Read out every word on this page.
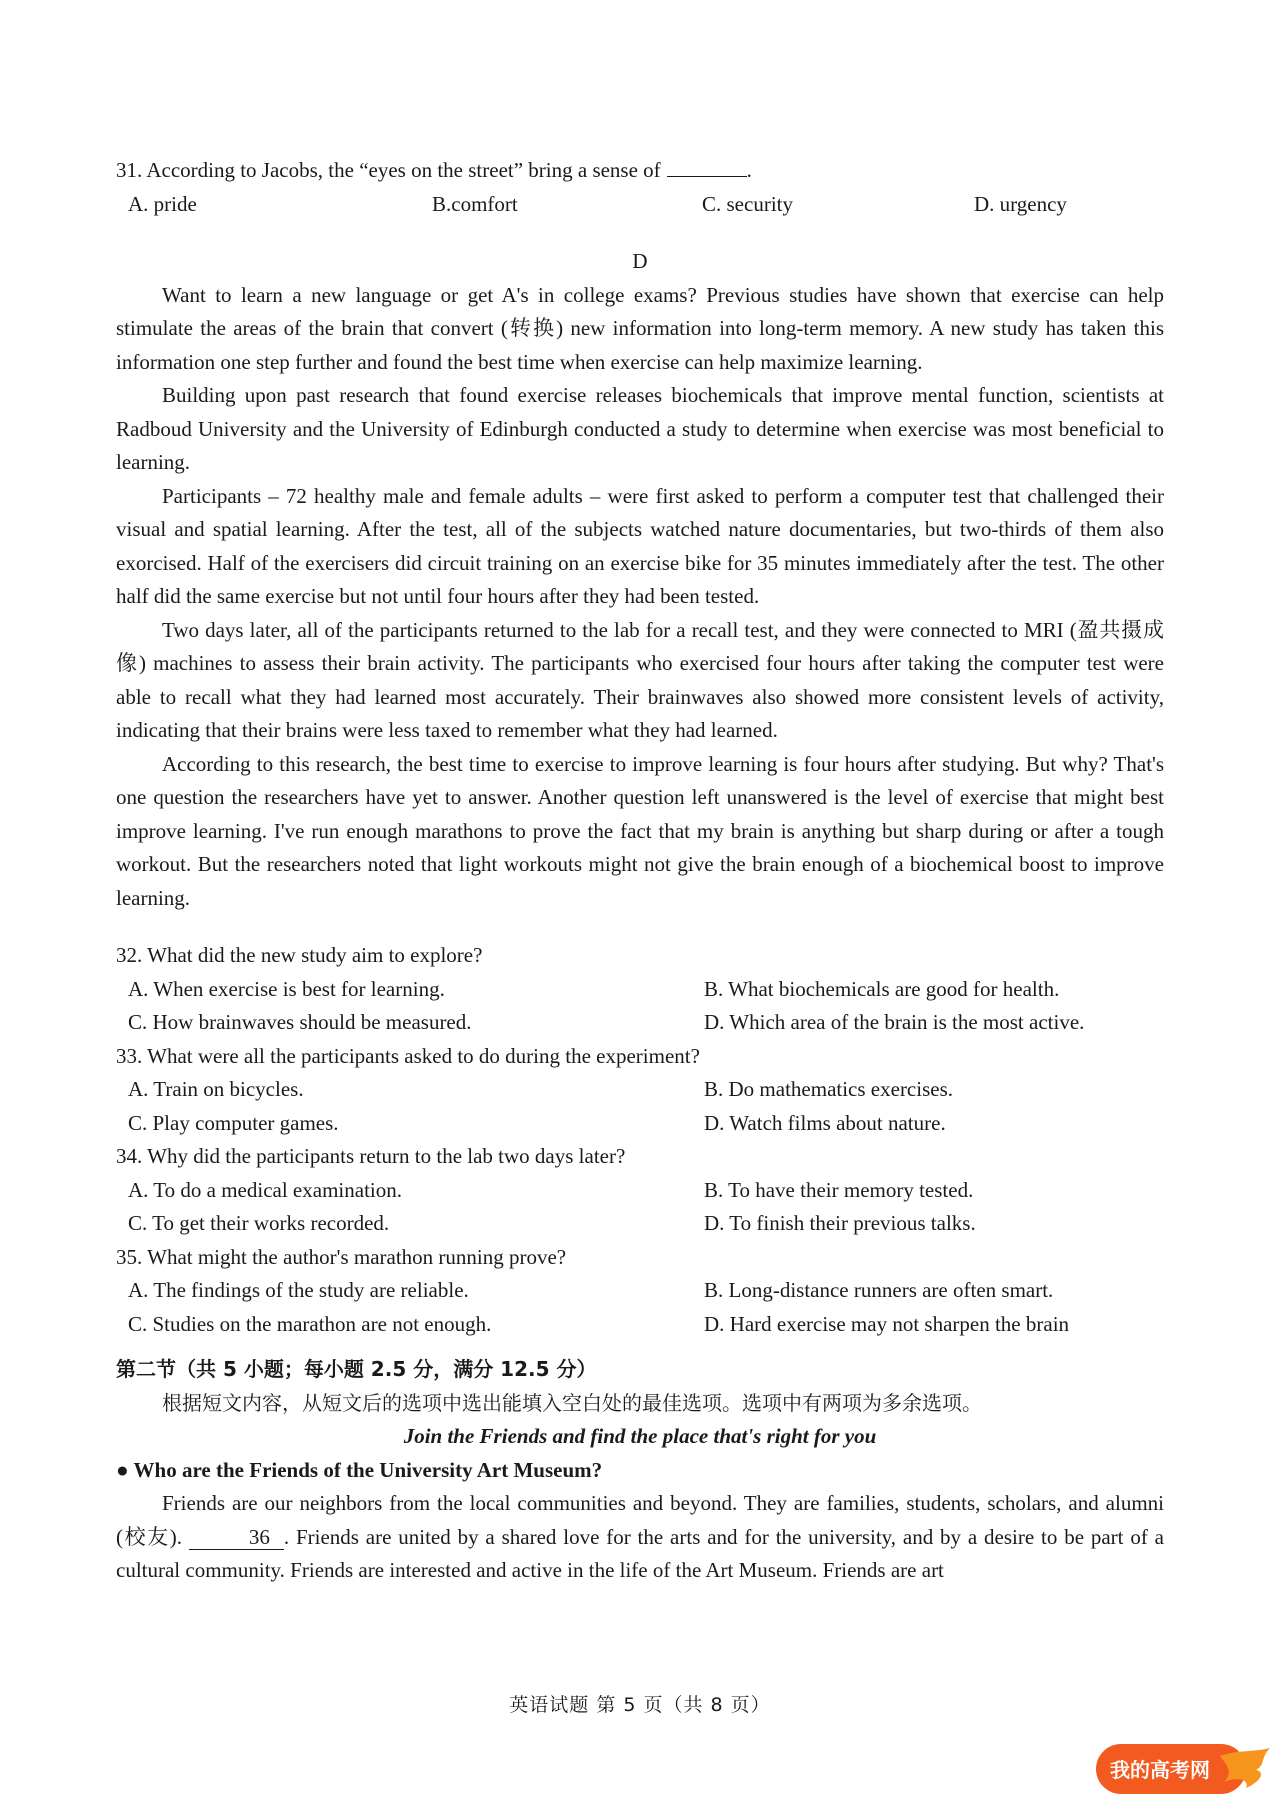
31. According to Jacobs, the “eyes on the street” bring a sense of	.

A. pride	B.comfort	C. security	D. urgency

D

Want to learn a new language or get A's in college exams? Previous studies have shown that exercise can help stimulate the areas of the brain that convert (转换) new information into long-term memory. A new study has taken this information one step further and found the best time when exercise can help maximize learning.

Building upon past research that found exercise releases biochemicals that improve mental function, scientists at Radboud University and the University of Edinburgh conducted a study to determine when exercise was most beneficial to learning.

Participants – 72 healthy male and female adults – were first asked to perform a computer test that challenged their visual and spatial learning. After the test, all of the subjects watched nature documentaries, but two-thirds of them also exorcised. Half of the exercisers did circuit training on an exercise bike for 35 minutes immediately after the test. The other half did the same exercise but not until four hours after they had been tested.

Two days later, all of the participants returned to the lab for a recall test, and they were connected to MRI (盈共摄成像) machines to assess their brain activity. The participants who exercised four hours after taking the computer test were able to recall what they had learned most accurately. Their brainwaves also showed more consistent levels of activity, indicating that their brains were less taxed to remember what they had learned.

According to this research, the best time to exercise to improve learning is four hours after studying. But why? That's one question the researchers have yet to answer. Another question left unanswered is the level of exercise that might best improve learning. I've run enough marathons to prove the fact that my brain is anything but sharp during or after a tough workout. But the researchers noted that light workouts might not give the brain enough of a biochemical boost to improve learning.

32. What did the new study aim to explore?

A. When exercise is best for learning.	B. What biochemicals are good for health.
C. How brainwaves should be measured.	D. Which area of the brain is the most active.

33. What were all the participants asked to do during the experiment?

A. Train on bicycles.	B. Do mathematics exercises.
C. Play computer games.	D. Watch films about nature.

34. Why did the participants return to the lab two days later?

A. To do a medical examination.	B. To have their memory tested.
C. To get their works recorded.	D. To finish their previous talks.

35. What might the author's marathon running prove?

A. The findings of the study are reliable.	B. Long-distance runners are often smart.
C. Studies on the marathon are not enough.	D. Hard exercise may not sharpen the brain

第二节（共 5 小题；每小题 2.5 分，满分 12.5 分）

根据短文内容，从短文后的选项中选出能填入空白处的最佳选项。选项中有两项为多余选项。

Join the Friends and find the place that's right for you

● Who are the Friends of the University Art Museum?

Friends are our neighbors from the local communities and beyond. They are families, students, scholars, and alumni (校友).	36 . Friends are united by a shared love for the arts and for the university, and by a desire to be part of a cultural community. Friends are interested and active in the life of the Art Museum. Friends are art

英语试题 第 5 页（共 8 页）
我的高考网
